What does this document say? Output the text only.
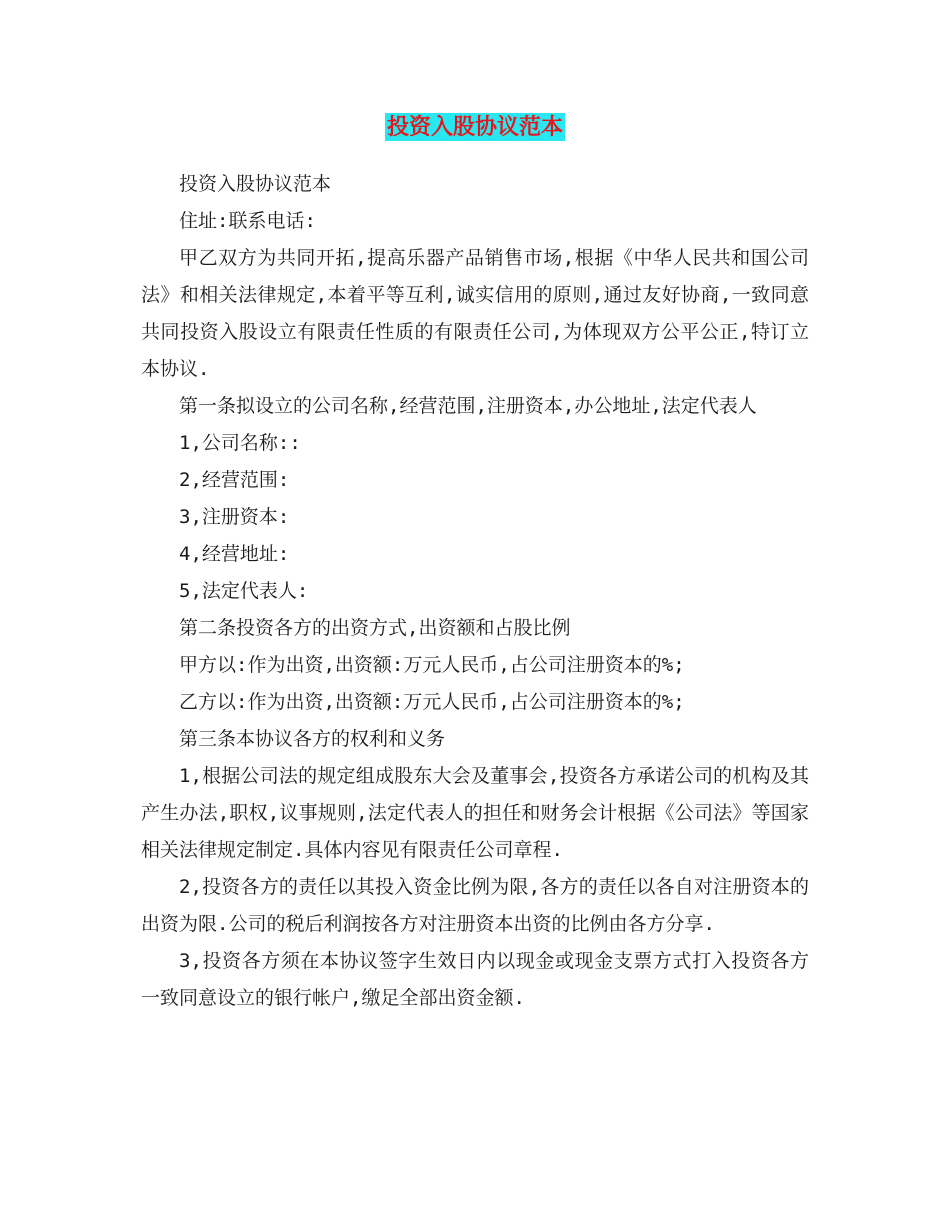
投资入股协议范本

投资入股协议范本

住址:联系电话:

甲乙双方为共同开拓,提高乐器产品销售市场,根据《中华人民共和国公司法》和相关法律规定,本着平等互利,诚实信用的原则,通过友好协商,一致同意共同投资入股设立有限责任性质的有限责任公司,为体现双方公平公正,特订立本协议.

第一条拟设立的公司名称,经营范围,注册资本,办公地址,法定代表人

1,公司名称::

2,经营范围:

3,注册资本:

4,经营地址:

5,法定代表人:

第二条投资各方的出资方式,出资额和占股比例

甲方以:作为出资,出资额:万元人民币,占公司注册资本的%;

乙方以:作为出资,出资额:万元人民币,占公司注册资本的%;

第三条本协议各方的权利和义务

1,根据公司法的规定组成股东大会及董事会,投资各方承诺公司的机构及其产生办法,职权,议事规则,法定代表人的担任和财务会计根据《公司法》等国家相关法律规定制定.具体内容见有限责任公司章程.

2,投资各方的责任以其投入资金比例为限,各方的责任以各自对注册资本的出资为限.公司的税后利润按各方对注册资本出资的比例由各方分享.

3,投资各方须在本协议签字生效日内以现金或现金支票方式打入投资各方一致同意设立的银行帐户,缴足全部出资金额.
